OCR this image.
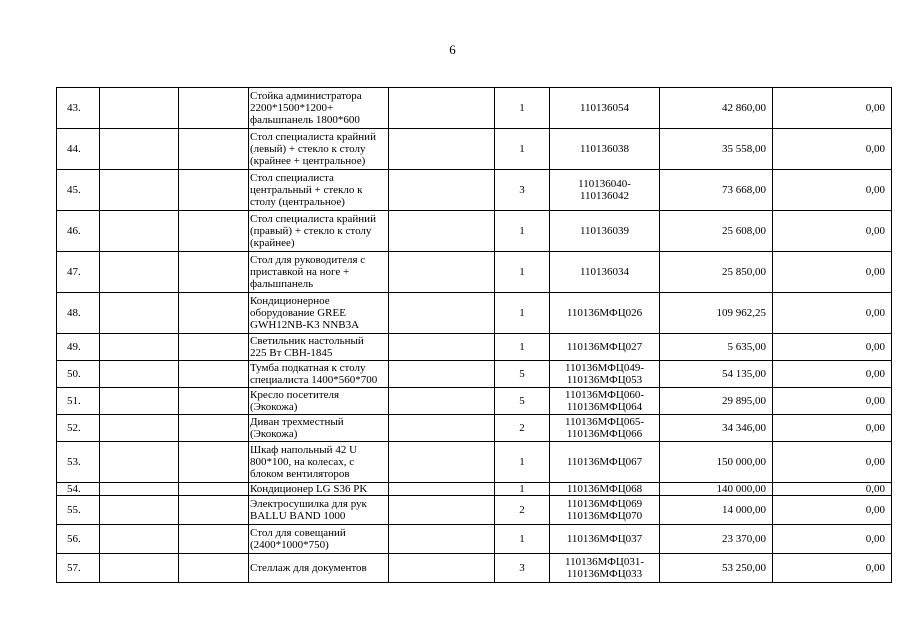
6
43.			Стойка администратора
2200*1500*1200+
фальшпанель 1800*600		1	110136054	42 860,00	0,00
44.			Стол специалиста крайний
(левый) + стекло к столу
(крайнее + центральное)		1	110136038	35 558,00	0,00
45.			Стол специалиста
центральный + стекло к
столу (центральное)		3	110136040-
110136042	73 668,00	0,00
46.			Стол специалиста крайний
(правый) + стекло к столу
(крайнее)		1	110136039	25 608,00	0,00
47.			Стол для руководителя с
приставкой на ноге +
фальшпанель		1	110136034	25 850,00	0,00
48.			Кондиционерное
оборудование GREE
GWH12NB-K3 NNB3A		1	110136МФЦ026	109 962,25	0,00
49.			Светильник настольный
225 Вт СВН-1845		1	110136МФЦ027	5 635,00	0,00
50.			Тумба подкатная к столу
специалиста 1400*560*700		5	110136МФЦ049-
110136МФЦ053	54 135,00	0,00
51.			Кресло посетителя
(Экокожа)		5	110136МФЦ060-
110136МФЦ064	29 895,00	0,00
52.			Диван трехместный
(Экокожа)		2	110136МФЦ065-
110136МФЦ066	34 346,00	0,00
53.			Шкаф напольный 42 U
800*100, на колесах, с
блоком вентиляторов		1	110136МФЦ067	150 000,00	0,00
54.			Кондиционер LG S36 PK		1	110136МФЦ068	140 000,00	0,00
55.			Электросушилка для рук
BALLU BAND 1000		2	110136МФЦ069
110136МФЦ070	14 000,00	0,00
56.			Стол для совещаний
(2400*1000*750)		1	110136МФЦ037	23 370,00	0,00
57.			Стеллаж для документов		3	110136МФЦ031-
110136МФЦ033	53 250,00	0,00
